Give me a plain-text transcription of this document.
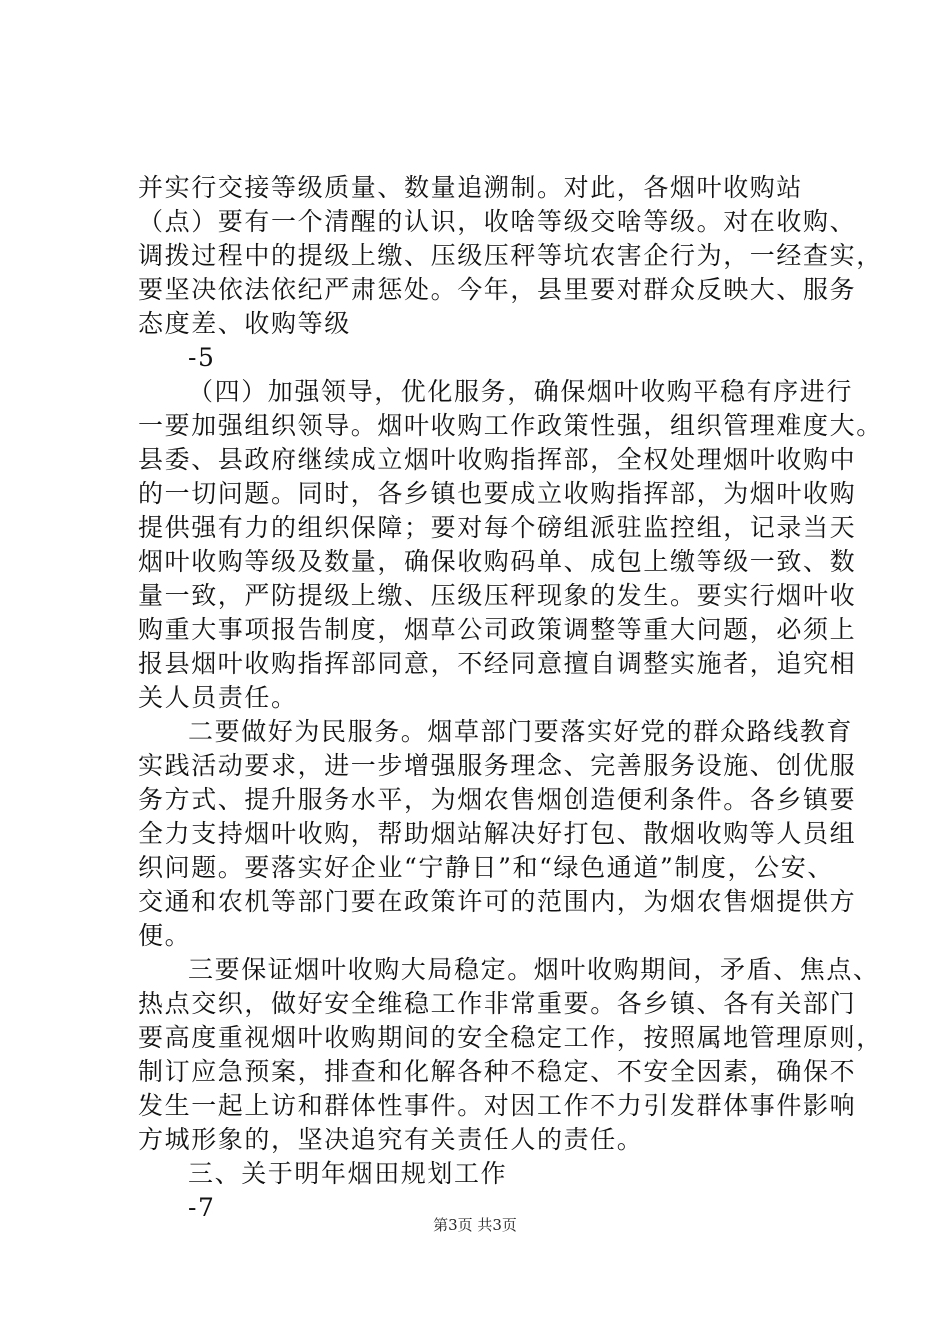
并实行交接等级质量、数量追溯制。对此，各烟叶收购站
（点）要有一个清醒的认识，收啥等级交啥等级。对在收购、
调拨过程中的提级上缴、压级压秤等坑农害企行为，一经查实，
要坚决依法依纪严肃惩处。今年，县里要对群众反映大、服务
态度差、收购等级
-5
（四）加强领导，优化服务，确保烟叶收购平稳有序进行
一要加强组织领导。烟叶收购工作政策性强，组织管理难度大。
县委、县政府继续成立烟叶收购指挥部，全权处理烟叶收购中
的一切问题。同时，各乡镇也要成立收购指挥部，为烟叶收购
提供强有力的组织保障；要对每个磅组派驻监控组，记录当天
烟叶收购等级及数量，确保收购码单、成包上缴等级一致、数
量一致，严防提级上缴、压级压秤现象的发生。要实行烟叶收
购重大事项报告制度，烟草公司政策调整等重大问题，必须上
报县烟叶收购指挥部同意，不经同意擅自调整实施者，追究相
关人员责任。
二要做好为民服务。烟草部门要落实好党的群众路线教育
实践活动要求，进一步增强服务理念、完善服务设施、创优服
务方式、提升服务水平，为烟农售烟创造便利条件。各乡镇要
全力支持烟叶收购，帮助烟站解决好打包、散烟收购等人员组
织问题。要落实好企业“宁静日”和“绿色通道”制度，公安、
交通和农机等部门要在政策许可的范围内，为烟农售烟提供方
便。
三要保证烟叶收购大局稳定。烟叶收购期间，矛盾、焦点、
热点交织，做好安全维稳工作非常重要。各乡镇、各有关部门
要高度重视烟叶收购期间的安全稳定工作，按照属地管理原则，
制订应急预案，排查和化解各种不稳定、不安全因素，确保不
发生一起上访和群体性事件。对因工作不力引发群体事件影响
方城形象的，坚决追究有关责任人的责任。
三、关于明年烟田规划工作
-7
第3页 共3页
